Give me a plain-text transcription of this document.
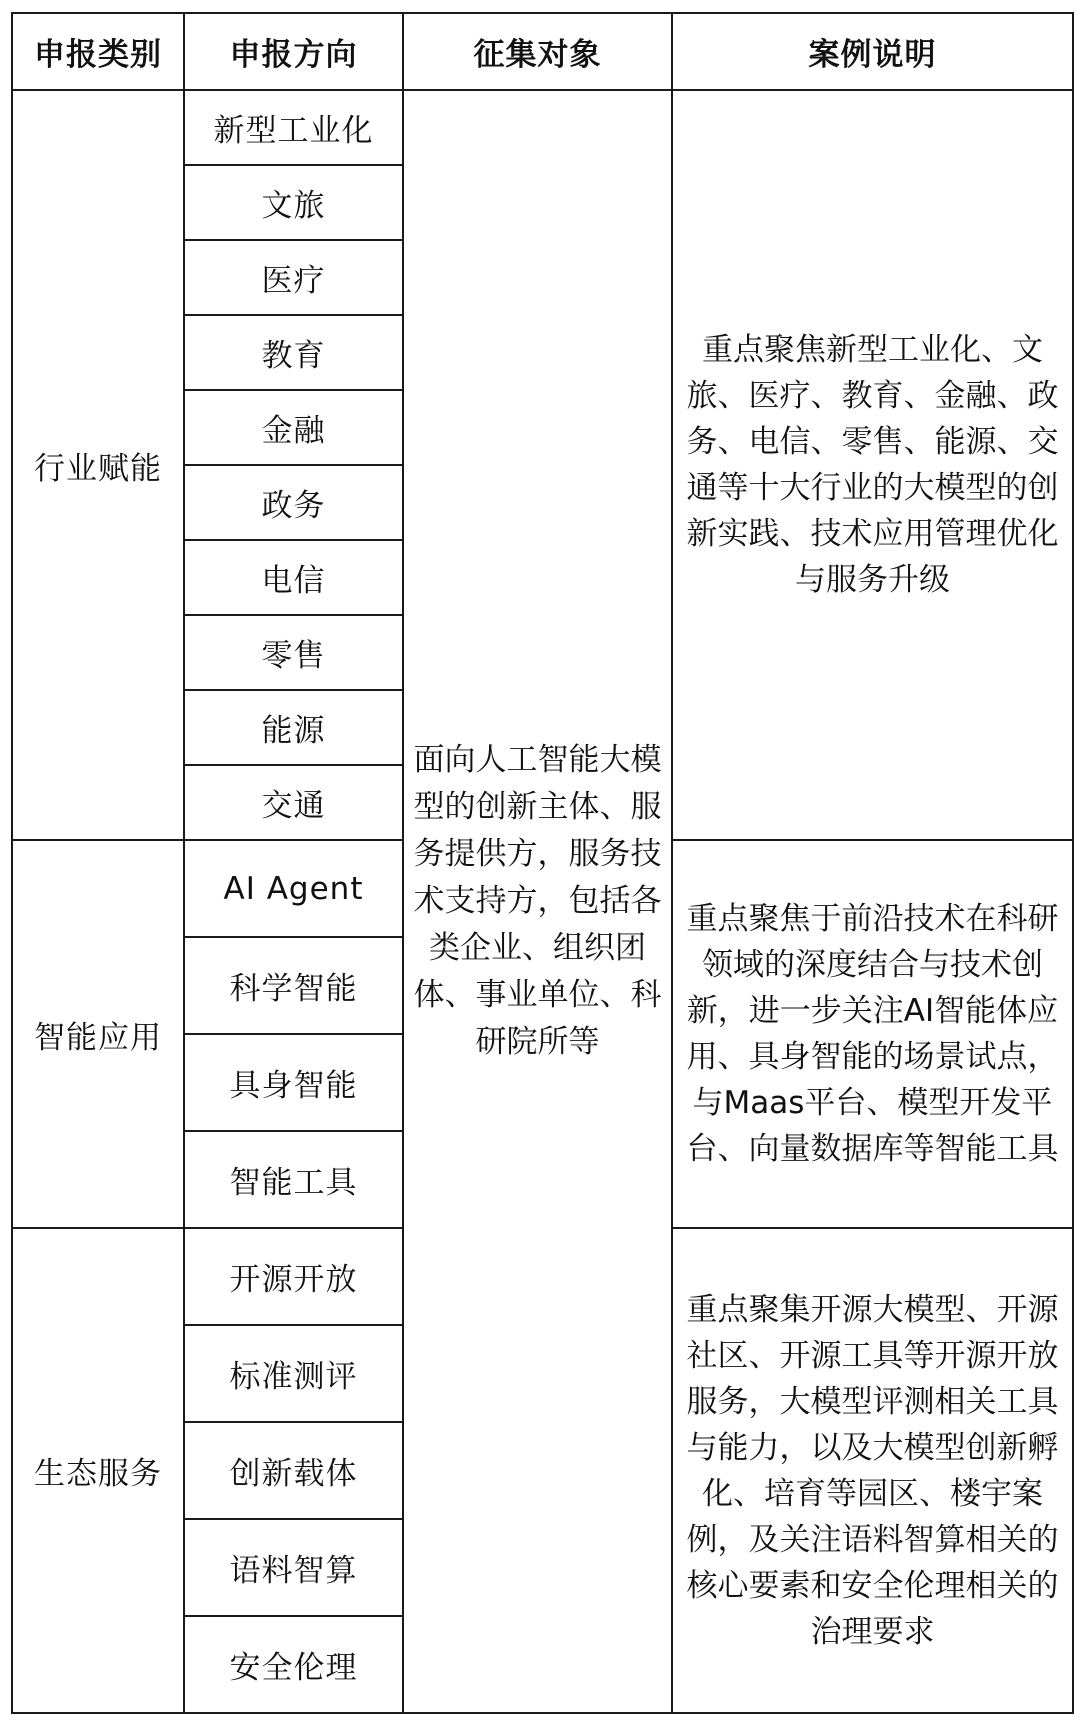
申报类别	申报方向	征集对象	案例说明
行业赋能	新型工业化	面向人工智能大模型的创新主体、服务提供方，服务技术支持方，包括各类企业、组织团体、事业单位、科研院所等	重点聚焦新型工业化、文旅、医疗、教育、金融、政务、电信、零售、能源、交通等十大行业的大模型的创新实践、技术应用管理优化与服务升级
	文旅		
	医疗		
	教育		
	金融		
	政务		
	电信		
	零售		
	能源		
	交通		
智能应用	AI Agent		重点聚焦于前沿技术在科研领域的深度结合与技术创新，进一步关注AI智能体应用、具身智能的场景试点，与Maas平台、模型开发平台、向量数据库等智能工具
	科学智能		
	具身智能		
	智能工具		
生态服务	开源开放		重点聚集开源大模型、开源社区、开源工具等开源开放服务，大模型评测相关工具与能力，以及大模型创新孵化、培育等园区、楼宇案例，及关注语料智算相关的核心要素和安全伦理相关的治理要求
	标准测评		
	创新载体		
	语料智算		
	安全伦理		
